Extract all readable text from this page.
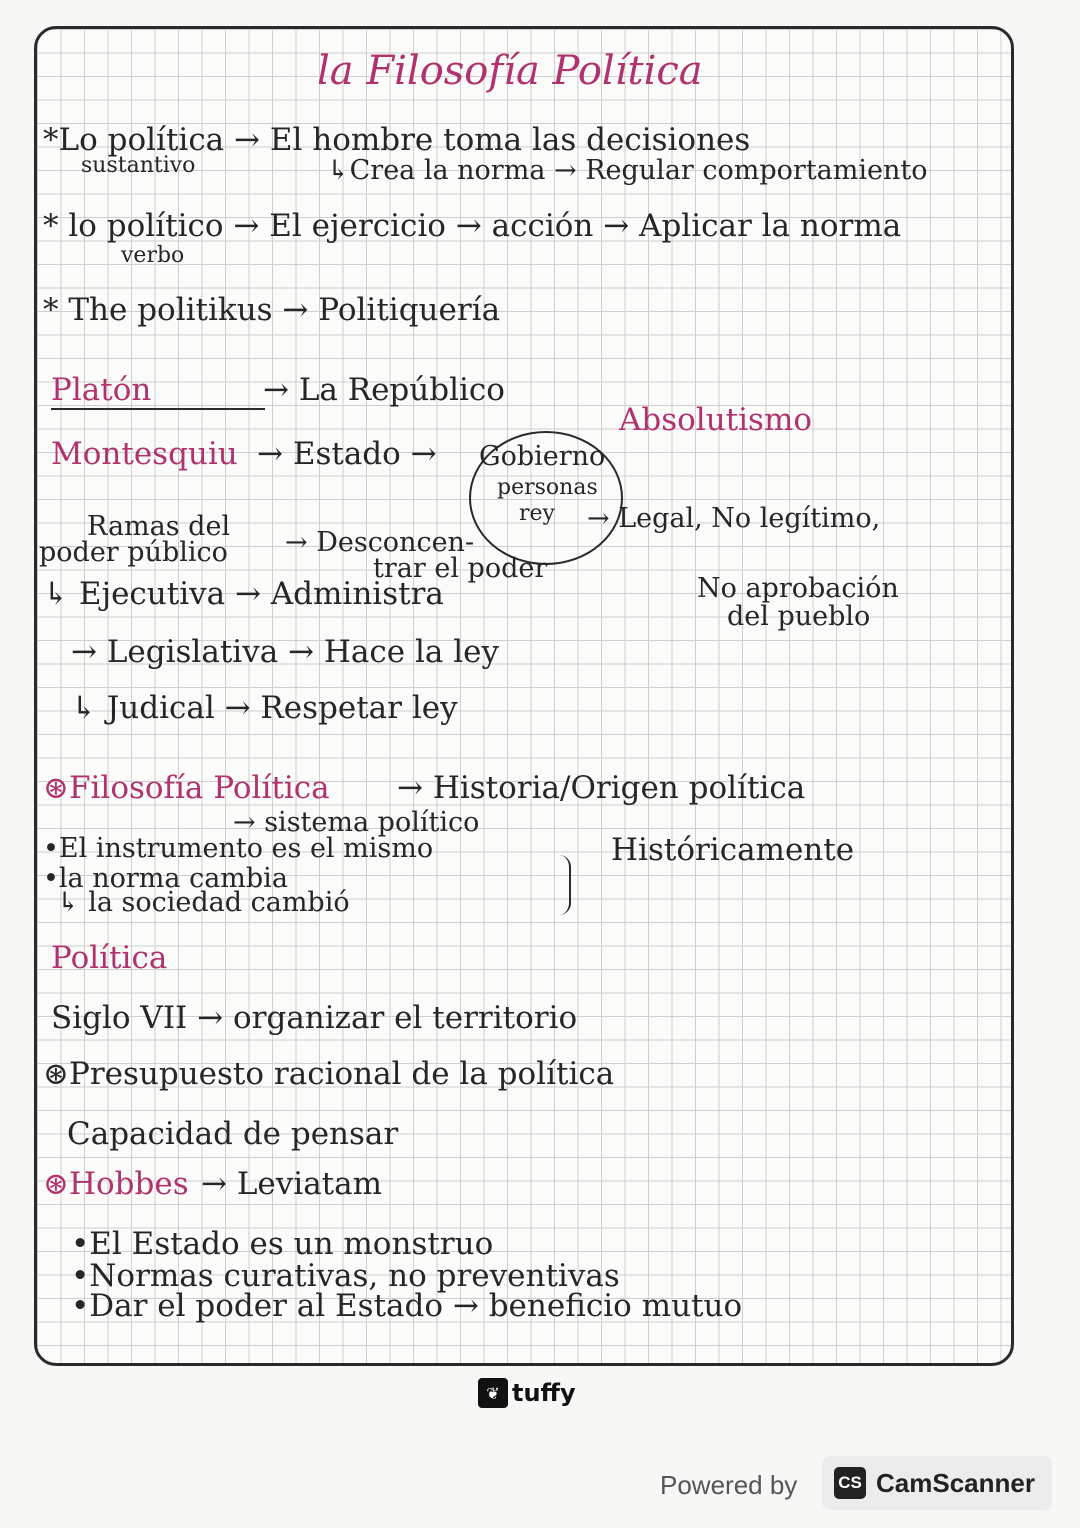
la Filosofía Política
*Lo política → El hombre toma las decisiones
sustantivo	↳Crea la norma → Regular comportamiento
* lo político → El ejercicio → acción → Aplicar la norma
verbo
* The politikus → Politiquería
Platón	→ La Repúblico
Absolutismo
Montesquiu → Estado → Gobierno
personas
rey → Legal, No legítimo,
Ramas del
poder público → Desconcen-
trar el poder
No aprobación
del pueblo
↳ Ejecutiva → Administra
→ Legislativa → Hace la ley
↳ Judical → Respetar ley
⊛Filosofía Política → Historia/Origen política
→ sistema político
•El instrumento es el mismo	Históricamente
•la norma cambia
↳ la sociedad cambió
Política
Siglo VII → organizar el territorio
⊛Presupuesto racional de la política
Capacidad de pensar
⊛Hobbes → Leviatam
•El Estado es un monstruo
•Normas curativas, no preventivas
•Dar el poder al Estado → beneficio mutuo
❦ tuffy
Powered by CS CamScanner
